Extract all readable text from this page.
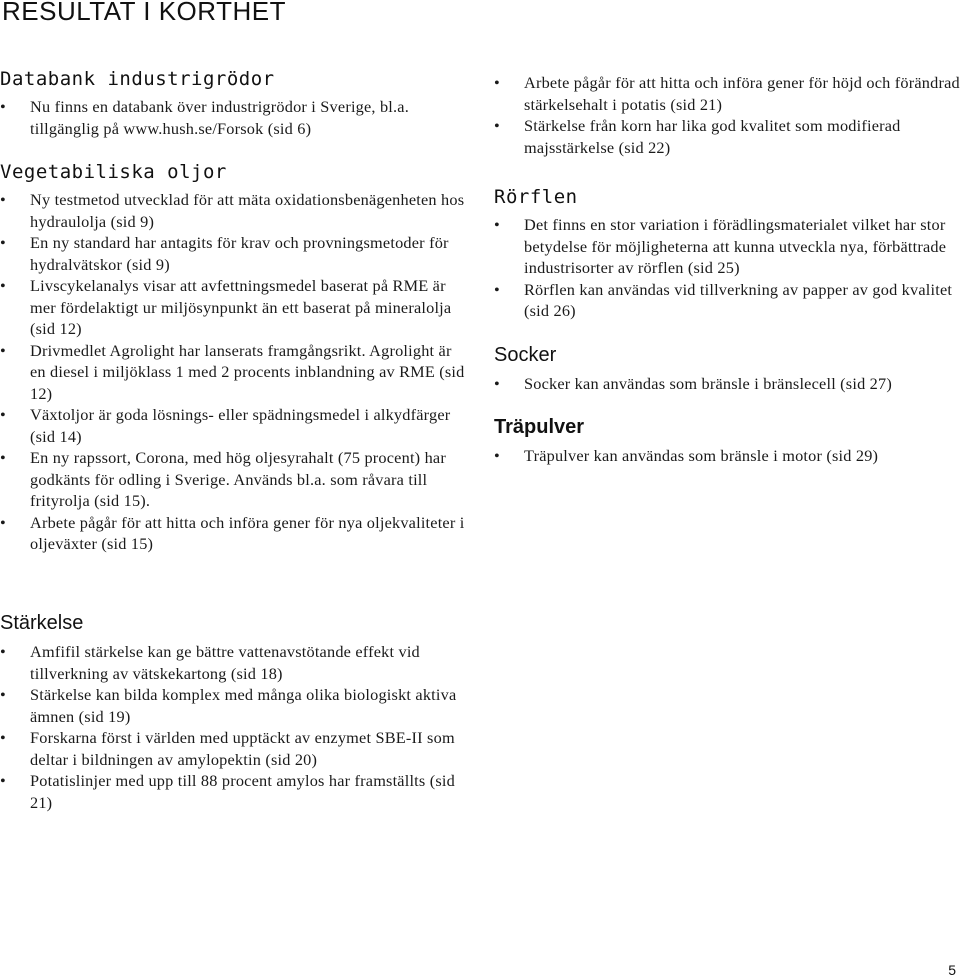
RESULTAT I KORTHET
Databank industrigrödor
•	Nu finns en databank över industrigrödor i Sverige, bl.a. tillgänglig på www.hush.se/Forsok (sid 6)
Vegetabiliska oljor
•	Ny testmetod utvecklad för att mäta oxidationsbenägenheten hos hydraulolja (sid 9)
•	En ny standard har antagits för krav och provningsmetoder för hydralvätskor (sid 9)
•	Livscykelanalys visar att avfettningsmedel baserat på RME är mer fördelaktigt ur miljösynpunkt än ett baserat på mineralolja (sid 12)
•	Drivmedlet Agrolight har lanserats framgångsrikt. Agrolight är en diesel i miljöklass 1 med 2 procents inblandning av RME (sid 12)
•	Växtoljor är goda lösnings- eller spädningsmedel i alkydfärger (sid 14)
•	En ny rapssort, Corona, med hög oljesyrahalt (75 procent) har godkänts för odling i Sverige. Används bl.a. som råvara till frityrolja (sid 15).
•	Arbete pågår för att hitta och införa gener för nya oljekvaliteter i oljeväxter (sid 15)
Stärkelse
•	Amfifil stärkelse kan ge bättre vattenavstötande effekt vid tillverkning av vätskekartong (sid 18)
•	Stärkelse kan bilda komplex med många olika biologiskt aktiva ämnen (sid 19)
•	Forskarna först i världen med upptäckt av enzymet SBE-II som deltar i bildningen av amylopektin (sid 20)
•	Potatislinjer med upp till 88 procent amylos har framställts (sid 21)
•	Arbete pågår för att hitta och införa gener för höjd och förändrad stärkelsehalt i potatis (sid 21)
•	Stärkelse från korn har lika god kvalitet som modifierad majsstärkelse (sid 22)
Rörflen
•	Det finns en stor variation i förädlingsmaterialet vilket har stor betydelse för möjligheterna att kunna utveckla nya, förbättrade industrisorter av rörflen (sid 25)
•	Rörflen kan användas vid tillverkning av papper av god kvalitet (sid 26)
Socker
•	Socker kan användas som bränsle i bränslecell (sid 27)
Träpulver
•	Träpulver kan användas som bränsle i motor (sid 29)
5
